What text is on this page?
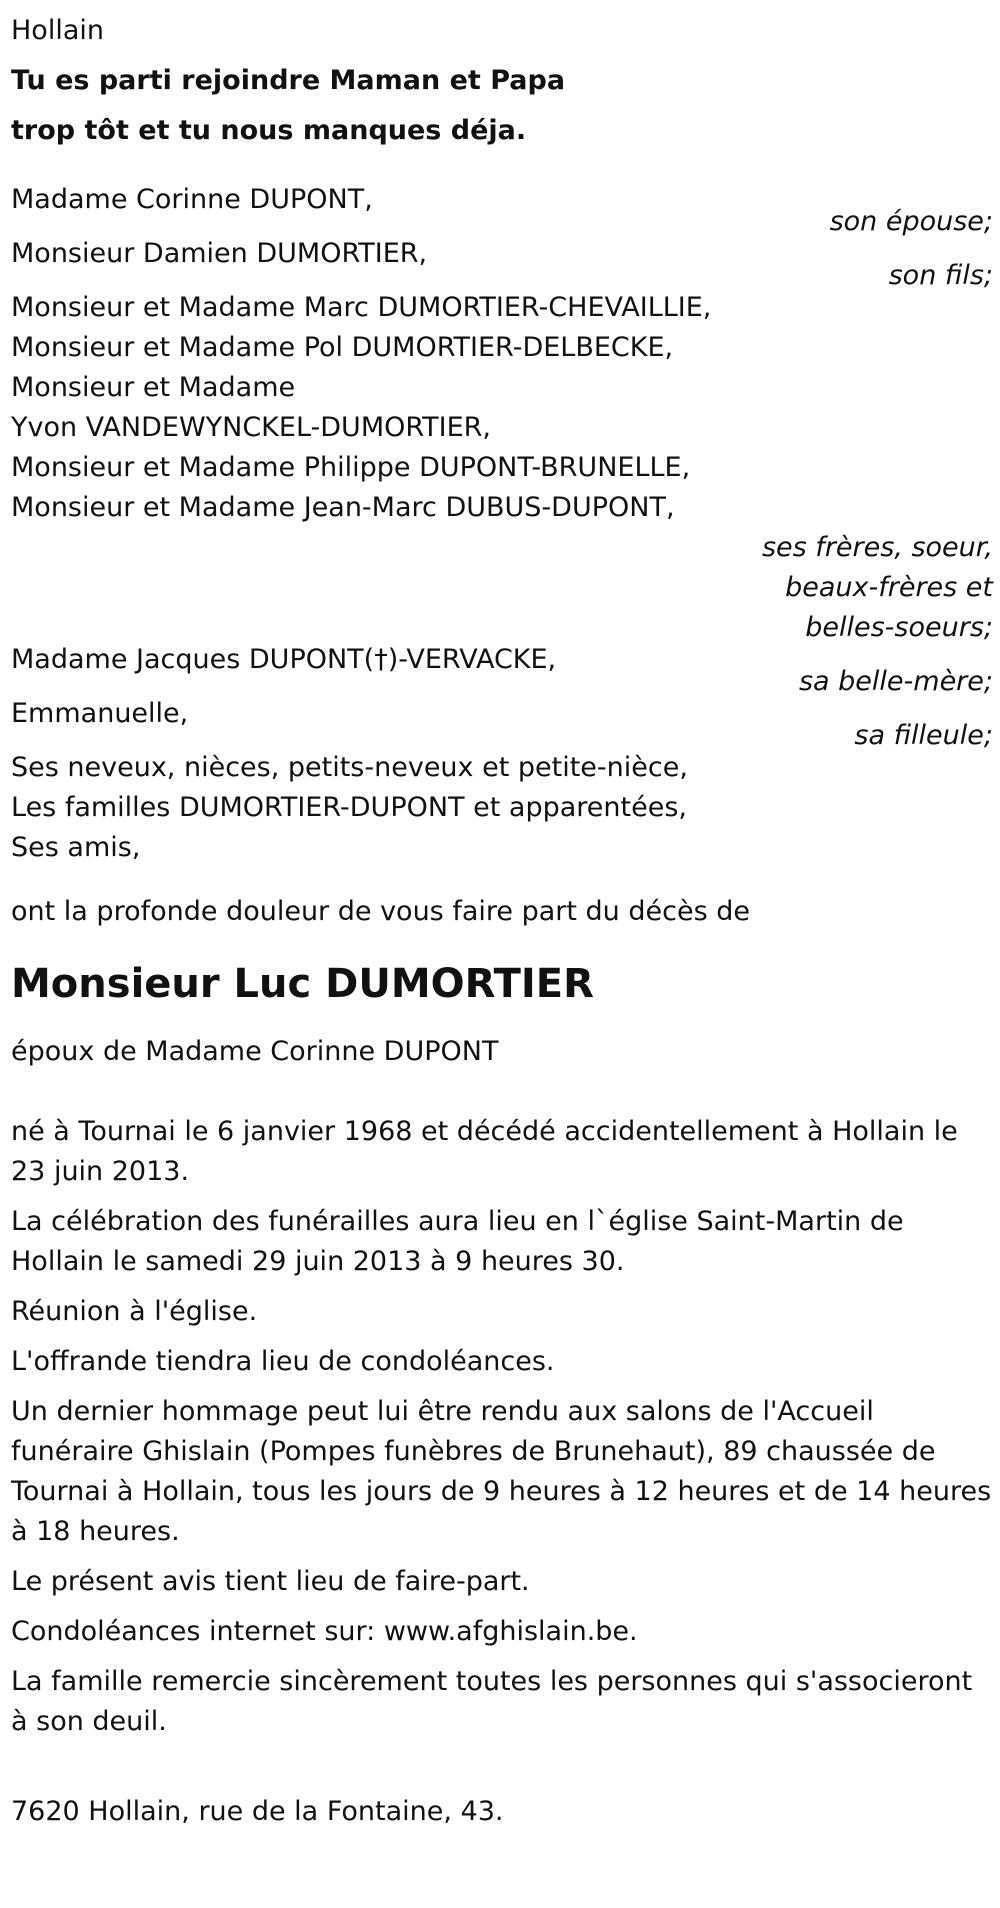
Hollain
Tu es parti rejoindre Maman et Papa
trop tôt et tu nous manques déja.
Madame Corinne DUPONT,
son épouse;
Monsieur Damien DUMORTIER,
son fils;
Monsieur et Madame Marc DUMORTIER-CHEVAILLIE,
Monsieur et Madame Pol DUMORTIER-DELBECKE,
Monsieur et Madame
Yvon VANDEWYNCKEL-DUMORTIER,
Monsieur et Madame Philippe DUPONT-BRUNELLE,
Monsieur et Madame Jean-Marc DUBUS-DUPONT,
ses frères, soeur,
beaux-frères et
belles-soeurs;
Madame Jacques DUPONT(†)-VERVACKE,
sa belle-mère;
Emmanuelle,
sa filleule;
Ses neveux, nièces, petits-neveux et petite-nièce,
Les familles DUMORTIER-DUPONT et apparentées,
Ses amis,
ont la profonde douleur de vous faire part du décès de
Monsieur Luc DUMORTIER
époux de Madame Corinne DUPONT
né à Tournai le 6 janvier 1968 et décédé accidentellement à Hollain le 23 juin 2013.
La célébration des funérailles aura lieu en l`église Saint-Martin de Hollain le samedi 29 juin 2013 à 9 heures 30.
Réunion à l'église.
L'offrande tiendra lieu de condoléances.
Un dernier hommage peut lui être rendu aux salons de l'Accueil funéraire Ghislain (Pompes funèbres de Brunehaut), 89 chaussée de Tournai à Hollain, tous les jours de 9 heures à 12 heures et de 14 heures à 18 heures.
Le présent avis tient lieu de faire-part.
Condoléances internet sur: www.afghislain.be.
La famille remercie sincèrement toutes les personnes qui s'associeront à son deuil.
7620 Hollain, rue de la Fontaine, 43.
